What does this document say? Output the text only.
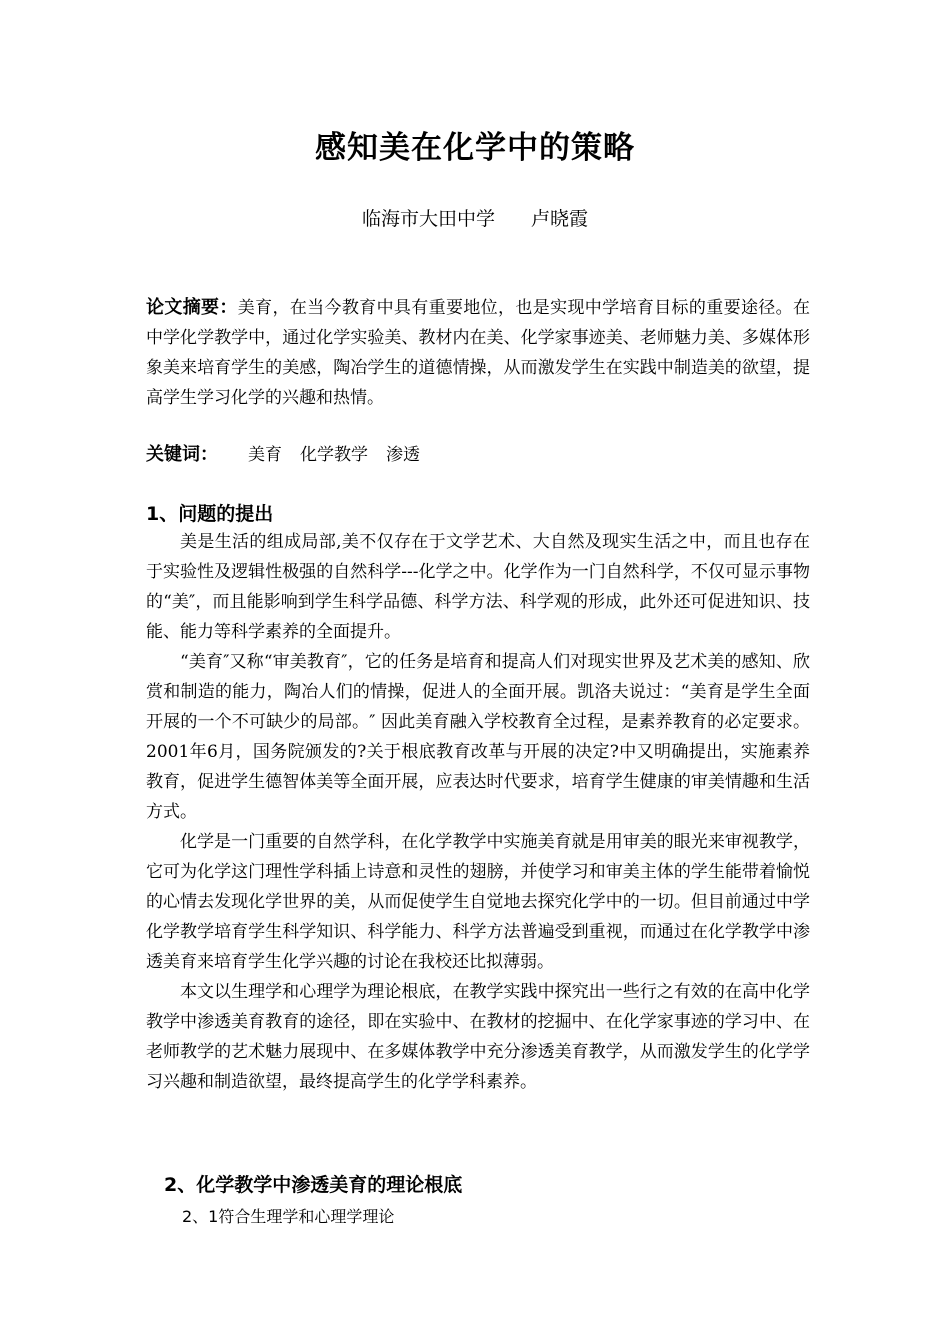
感知美在化学中的策略
临海市大田中学 卢晓霞
论文摘要：美育，在当今教育中具有重要地位，也是实现中学培育目标的重要途径。在中学化学教学中，通过化学实验美、教材内在美、化学家事迹美、老师魅力美、多媒体形象美来培育学生的美感，陶冶学生的道德情操，从而激发学生在实践中制造美的欲望，提高学生学习化学的兴趣和热情。
关键词： 美育 化学教学 渗透
1、问题的提出

美是生活的组成局部,美不仅存在于文学艺术、大自然及现实生活之中，而且也存在于实验性及逻辑性极强的自然科学---化学之中。化学作为一门自然科学，不仅可显示事物的“美″，而且能影响到学生科学品德、科学方法、科学观的形成，此外还可促进知识、技能、能力等科学素养的全面提升。

“美育″又称“审美教育″，它的任务是培育和提高人们对现实世界及艺术美的感知、欣赏和制造的能力，陶冶人们的情操，促进人的全面开展。凯洛夫说过：“美育是学生全面开展的一个不可缺少的局部。″ 因此美育融入学校教育全过程，是素养教育的必定要求。2001年6月，国务院颁发的?关于根底教育改革与开展的决定?中又明确提出，实施素养教育，促进学生德智体美等全面开展，应表达时代要求，培育学生健康的审美情趣和生活方式。

化学是一门重要的自然学科，在化学教学中实施美育就是用审美的眼光来审视教学，它可为化学这门理性学科插上诗意和灵性的翅膀，并使学习和审美主体的学生能带着愉悦的心情去发现化学世界的美，从而促使学生自觉地去探究化学中的一切。但目前通过中学化学教学培育学生科学知识、科学能力、科学方法普遍受到重视，而通过在化学教学中渗透美育来培育学生化学兴趣的讨论在我校还比拟薄弱。

本文以生理学和心理学为理论根底，在教学实践中探究出一些行之有效的在高中化学教学中渗透美育教育的途径，即在实验中、在教材的挖掘中、在化学家事迹的学习中、在老师教学的艺术魅力展现中、在多媒体教学中充分渗透美育教学，从而激发学生的化学学习兴趣和制造欲望，最终提高学生的化学学科素养。

2、化学教学中渗透美育的理论根底
2、1符合生理学和心理学理论
